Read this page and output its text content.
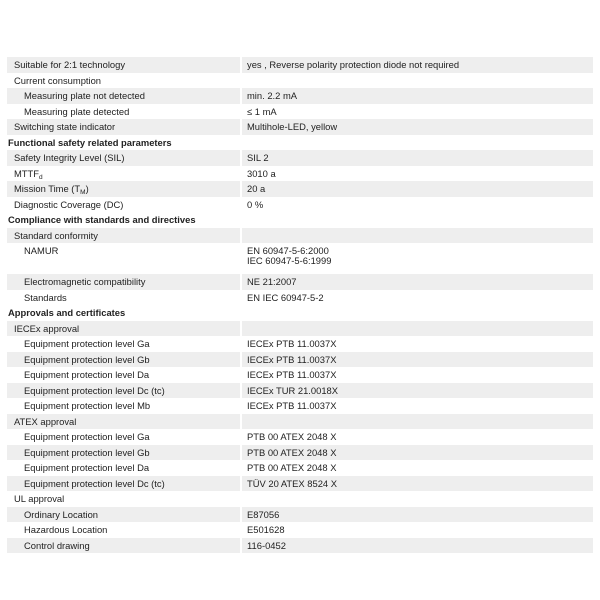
Suitable for 2:1 technology	yes , Reverse polarity protection diode not required
Current consumption
Measuring plate not detected	min. 2.2 mA
Measuring plate detected	≤ 1 mA
Switching state indicator	Multihole-LED, yellow
Functional safety related parameters
Safety Integrity Level (SIL)	SIL 2
$MTTF_d$	3010 a
Mission Time $(T_M)$	20 a
Diagnostic Coverage (DC)	0 %
Compliance with standards and directives
Standard conformity
NAMUR	EN 60947-5-6:2000
IEC 60947-5-6:1999
Electromagnetic compatibility	NE 21:2007
Standards	EN IEC 60947-5-2
Approvals and certificates
IECEx approval
Equipment protection level Ga	IECEx PTB 11.0037X
Equipment protection level Gb	IECEx PTB 11.0037X
Equipment protection level Da	IECEx PTB 11.0037X
Equipment protection level Dc (tc)	IECEx TUR 21.0018X
Equipment protection level Mb	IECEx PTB 11.0037X
ATEX approval
Equipment protection level Ga	PTB 00 ATEX 2048 X
Equipment protection level Gb	PTB 00 ATEX 2048 X
Equipment protection level Da	PTB 00 ATEX 2048 X
Equipment protection level Dc (tc)	TÜV 20 ATEX 8524 X
UL approval
Ordinary Location	E87056
Hazardous Location	E501628
Control drawing	116-0452
